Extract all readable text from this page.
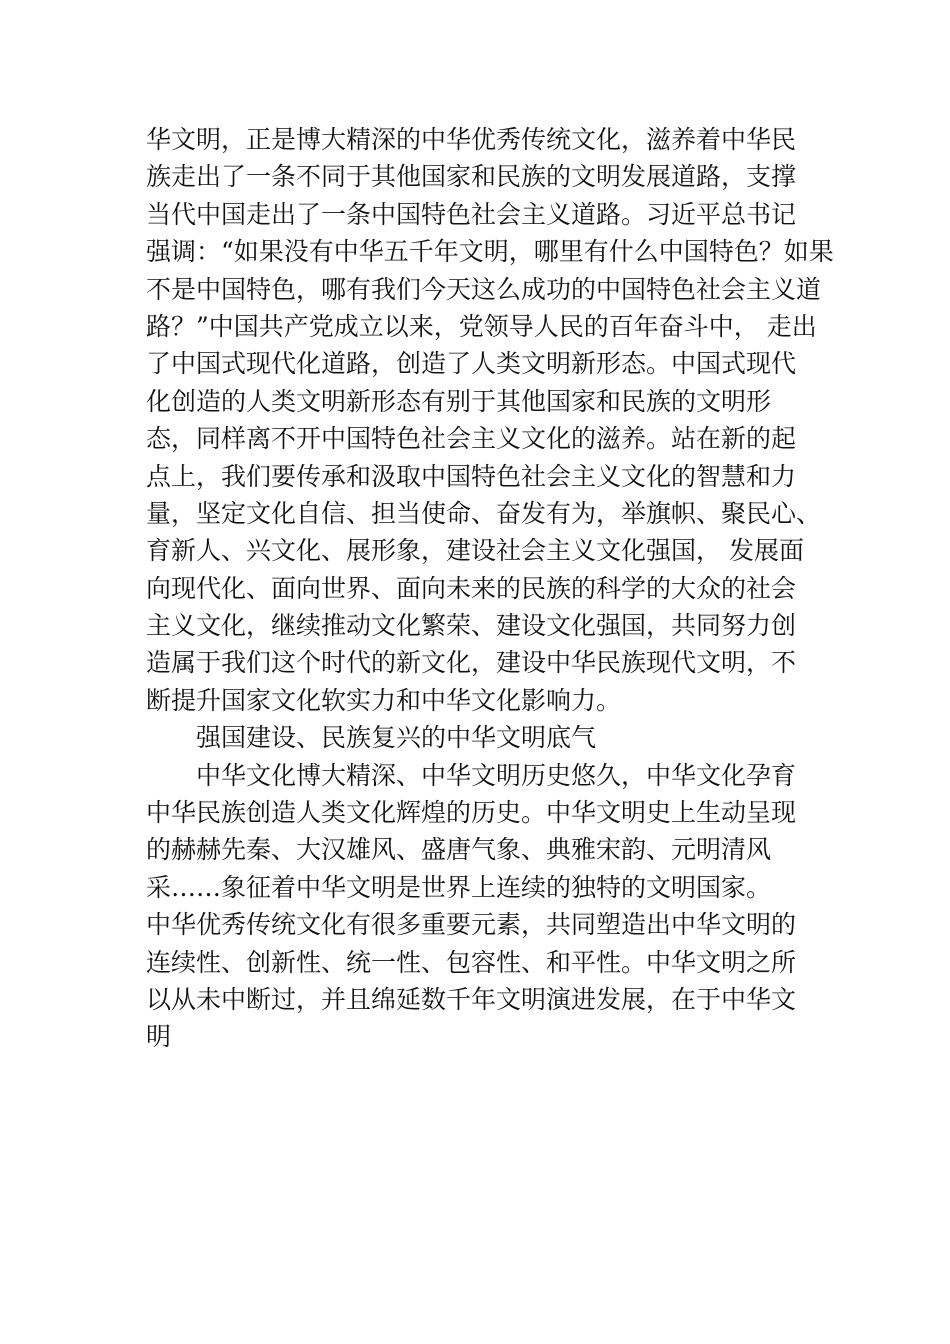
华文明，正是博大精深的中华优秀传统文化，滋养着中华民
族走出了一条不同于其他国家和民族的文明发展道路，支撑
当代中国走出了一条中国特色社会主义道路。习近平总书记
强调：“如果没有中华五千年文明，哪里有什么中国特色？如果
不是中国特色，哪有我们今天这么成功的中国特色社会主义道
路？”中国共产党成立以来，党领导人民的百年奋斗中， 走出
了中国式现代化道路，创造了人类文明新形态。中国式现代
化创造的人类文明新形态有别于其他国家和民族的文明形
态，同样离不开中国特色社会主义文化的滋养。站在新的起
点上，我们要传承和汲取中国特色社会主义文化的智慧和力
量，坚定文化自信、担当使命、奋发有为，举旗帜、聚民心、
育新人、兴文化、展形象，建设社会主义文化强国， 发展面
向现代化、面向世界、面向未来的民族的科学的大众的社会
主义文化，继续推动文化繁荣、建设文化强国，共同努力创
造属于我们这个时代的新文化，建设中华民族现代文明，不
断提升国家文化软实力和中华文化影响力。
强国建设、民族复兴的中华文明底气
中华文化博大精深、中华文明历史悠久，中华文化孕育
中华民族创造人类文化辉煌的历史。中华文明史上生动呈现
的赫赫先秦、大汉雄风、盛唐气象、典雅宋韵、元明清风
采……象征着中华文明是世界上连续的独特的文明国家。
中华优秀传统文化有很多重要元素，共同塑造出中华文明的
连续性、创新性、统一性、包容性、和平性。中华文明之所
以从未中断过，并且绵延数千年文明演进发展，在于中华文
明
